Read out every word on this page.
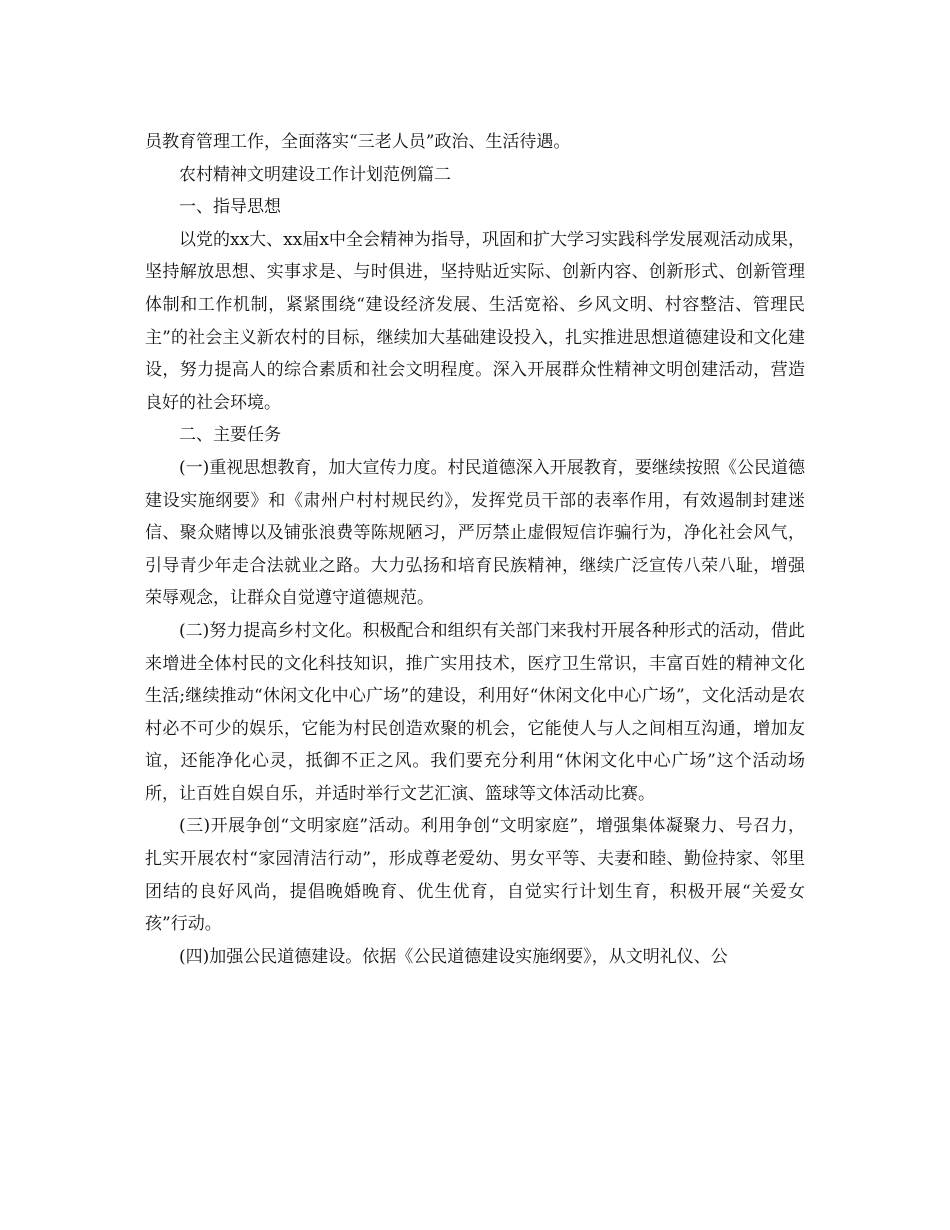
员教育管理工作，全面落实“三老人员”政治、生活待遇。

农村精神文明建设工作计划范例篇二

一、指导思想

以党的xx大、xx届x中全会精神为指导，巩固和扩大学习实践科学发展观活动成果，坚持解放思想、实事求是、与时俱进，坚持贴近实际、创新内容、创新形式、创新管理体制和工作机制，紧紧围绕“建设经济发展、生活宽裕、乡风文明、村容整洁、管理民主”的社会主义新农村的目标，继续加大基础建设投入，扎实推进思想道德建设和文化建设，努力提高人的综合素质和社会文明程度。深入开展群众性精神文明创建活动，营造良好的社会环境。

二、主要任务

(一)重视思想教育，加大宣传力度。村民道德深入开展教育，要继续按照《公民道德建设实施纲要》和《肃州户村村规民约》，发挥党员干部的表率作用，有效遏制封建迷信、聚众赌博以及铺张浪费等陈规陋习，严厉禁止虚假短信诈骗行为，净化社会风气，引导青少年走合法就业之路。大力弘扬和培育民族精神，继续广泛宣传八荣八耻，增强荣辱观念，让群众自觉遵守道德规范。

(二)努力提高乡村文化。积极配合和组织有关部门来我村开展各种形式的活动，借此来增进全体村民的文化科技知识，推广实用技术，医疗卫生常识，丰富百姓的精神文化生活;继续推动“休闲文化中心广场”的建设，利用好“休闲文化中心广场”，文化活动是农村必不可少的娱乐，它能为村民创造欢聚的机会，它能使人与人之间相互沟通，增加友谊，还能净化心灵，抵御不正之风。我们要充分利用“休闲文化中心广场”这个活动场所，让百姓自娱自乐，并适时举行文艺汇演、篮球等文体活动比赛。

(三)开展争创“文明家庭”活动。利用争创“文明家庭”，增强集体凝聚力、号召力，扎实开展农村“家园清洁行动”，形成尊老爱幼、男女平等、夫妻和睦、勤俭持家、邻里团结的良好风尚，提倡晚婚晚育、优生优育，自觉实行计划生育，积极开展“关爱女孩”行动。

(四)加强公民道德建设。依据《公民道德建设实施纲要》，从文明礼仪、公
